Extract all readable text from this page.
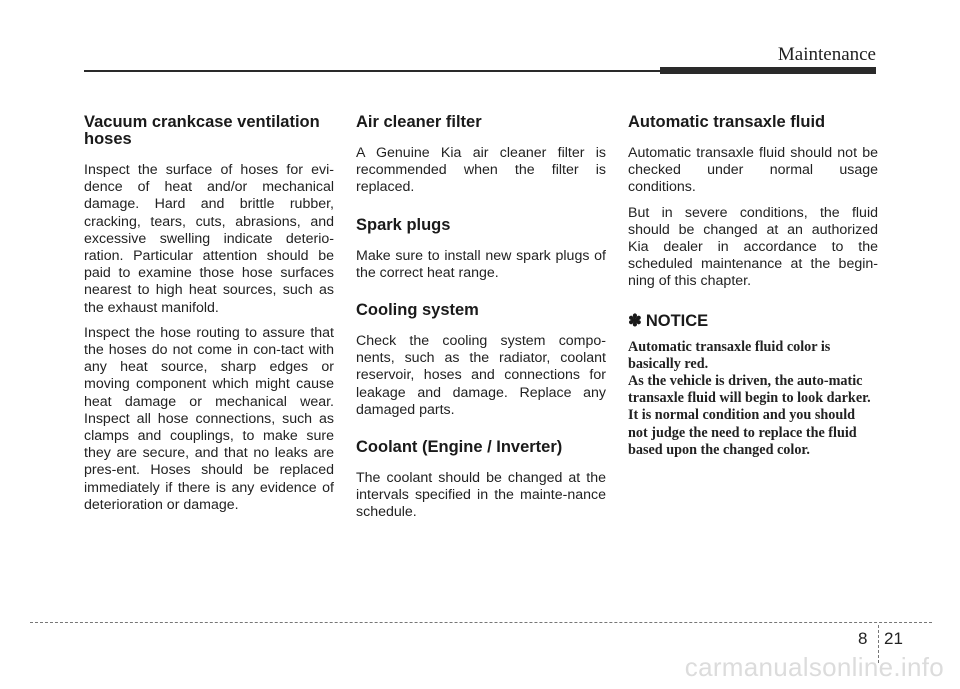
Maintenance
Vacuum crankcase ventilation hoses

Inspect the surface of hoses for evi-dence of heat and/or mechanical damage. Hard and brittle rubber, cracking, tears, cuts, abrasions, and excessive swelling indicate deterio-ration. Particular attention should be paid to examine those hose surfaces nearest to high heat sources, such as the exhaust manifold.

Inspect the hose routing to assure that the hoses do not come in con-tact with any heat source, sharp edges or moving component which might cause heat damage or mechanical wear. Inspect all hose connections, such as clamps and couplings, to make sure they are secure, and that no leaks are pres-ent. Hoses should be replaced immediately if there is any evidence of deterioration or damage.

Air cleaner filter

A Genuine Kia air cleaner filter is recommended when the filter is replaced.

Spark plugs

Make sure to install new spark plugs of the correct heat range.

Cooling system

Check the cooling system compo-nents, such as the radiator, coolant reservoir, hoses and connections for leakage and damage. Replace any damaged parts.

Coolant (Engine / Inverter)

The coolant should be changed at the intervals specified in the mainte-nance schedule.

Automatic transaxle fluid

Automatic transaxle fluid should not be checked under normal usage conditions.

But in severe conditions, the fluid should be changed at an authorized Kia dealer in accordance to the scheduled maintenance at the begin-ning of this chapter.

✽ NOTICE

Automatic transaxle fluid color is basically red.

As the vehicle is driven, the auto-matic transaxle fluid will begin to look darker.

It is normal condition and you should not judge the need to replace the fluid based upon the changed color.

8 21
carmanualsonline.info
